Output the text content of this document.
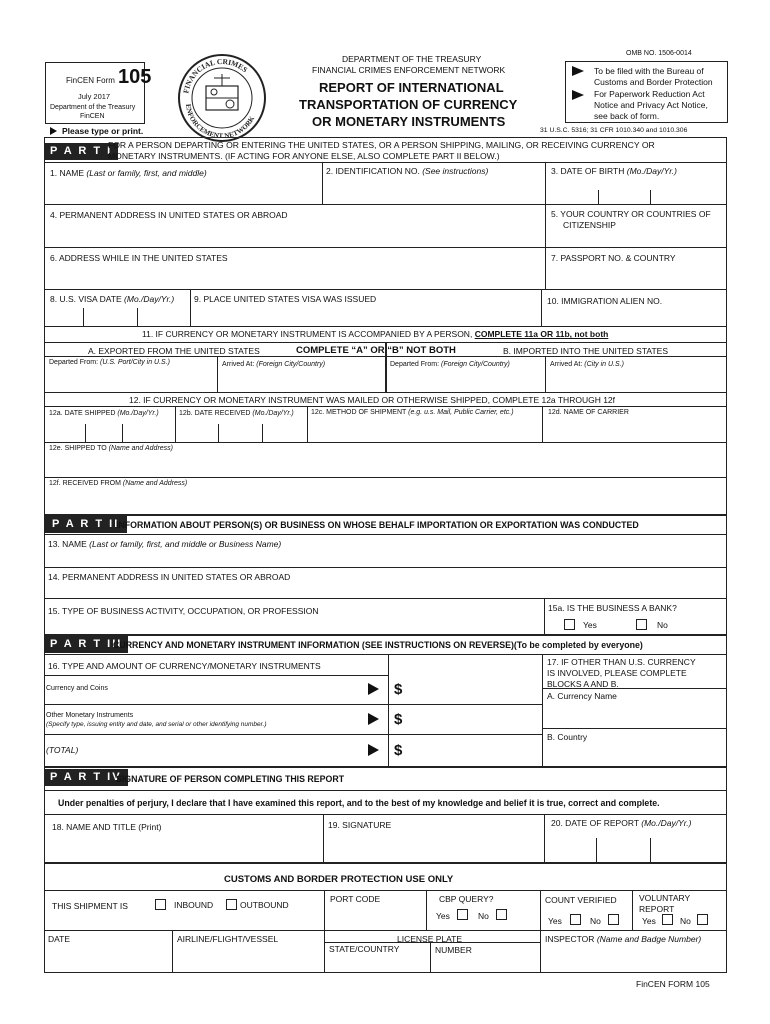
FinCEN Form 105
July 2017
Department of the Treasury
FinCEN
Please type or print.
FINANCIAL CRIMES
ENFORCEMENT NETWORK
DEPARTMENT OF THE TREASURY
FINANCIAL CRIMES ENFORCEMENT NETWORK
REPORT OF INTERNATIONAL
TRANSPORTATION OF CURRENCY
OR MONETARY INSTRUMENTS
OMB NO. 1506-0014
To be filed with the Bureau of
Customs and Border Protection
For Paperwork Reduction Act
Notice and Privacy Act Notice,
see back of form.
31 U.S.C. 5316; 31 CFR 1010.340 and 1010.306
P A R T I
FOR A PERSON DEPARTING OR ENTERING THE UNITED STATES, OR A PERSON SHIPPING, MAILING, OR RECEIVING CURRENCY OR
MONETARY INSTRUMENTS. (IF ACTING FOR ANYONE ELSE, ALSO COMPLETE PART II BELOW.)
1. NAME (Last or family, first, and middle)	2. IDENTIFICATION NO. (See instructions)	3. DATE OF BIRTH (Mo./Day/Yr.)
4. PERMANENT ADDRESS IN UNITED STATES OR ABROAD	5. YOUR COUNTRY OR COUNTRIES OF
CITIZENSHIP
6. ADDRESS WHILE IN THE UNITED STATES	7. PASSPORT NO. & COUNTRY
8. U.S. VISA DATE (Mo./Day/Yr.) 9. PLACE UNITED STATES VISA WAS ISSUED	10. IMMIGRATION ALIEN NO.
11. IF CURRENCY OR MONETARY INSTRUMENT IS ACCOMPANIED BY A PERSON, COMPLETE 11a OR 11b, not both
A. EXPORTED FROM THE UNITED STATES	COMPLETE “A” OR “B” NOT BOTH	B. IMPORTED INTO THE UNITED STATES
Departed From: (U.S. Port/City in U.S.)	Arrived At: (Foreign City/Country)	Departed From: (Foreign City/Country)	Arrived At: (City in U.S.)
12. IF CURRENCY OR MONETARY INSTRUMENT WAS MAILED OR OTHERWISE SHIPPED, COMPLETE 12a THROUGH 12f
12a. DATE SHIPPED (Mo./Day/Yr.)	12b. DATE RECEIVED (Mo./Day/Yr.) 12c. METHOD OF SHIPMENT (e.g. u.s. Mail, Public Carrier, etc.)	12d. NAME OF CARRIER
12e. SHIPPED TO (Name and Address)
12f. RECEIVED FROM (Name and Address)
P A R T II
INFORMATION ABOUT PERSON(S) OR BUSINESS ON WHOSE BEHALF IMPORTATION OR EXPORTATION WAS CONDUCTED
13. NAME (Last or family, first, and middle or Business Name)
14. PERMANENT ADDRESS IN UNITED STATES OR ABROAD
15. TYPE OF BUSINESS ACTIVITY, OCCUPATION, OR PROFESSION	15a. IS THE BUSINESS A BANK?
Yes	No
P A R T III
CURRENCY AND MONETARY INSTRUMENT INFORMATION (SEE INSTRUCTIONS ON REVERSE)(To be completed by everyone)
16. TYPE AND AMOUNT OF CURRENCY/MONETARY INSTRUMENTS
Currency and Coins	$
Other Monetary Instruments
(Specify type, issuing entity and date, and serial or other identifying number.)	$
(TOTAL)	$
17. IF OTHER THAN U.S. CURRENCY
IS INVOLVED, PLEASE COMPLETE
BLOCKS A AND B.
A. Currency Name
B. Country
P A R T IV
SIGNATURE OF PERSON COMPLETING THIS REPORT
Under penalties of perjury, I declare that I have examined this report, and to the best of my knowledge and belief it is true, correct and complete.
18. NAME AND TITLE (Print)	19. SIGNATURE	20. DATE OF REPORT (Mo./Day/Yr.)
CUSTOMS AND BORDER PROTECTION USE ONLY
THIS SHIPMENT IS	INBOUND	OUTBOUND
PORT CODE	CBP QUERY?
Yes	No
COUNT VERIFIED
Yes	No
VOLUNTARY
REPORT
Yes	No
DATE	AIRLINE/FLIGHT/VESSEL	LICENSE PLATE
STATE/COUNTRY	NUMBER
INSPECTOR (Name and Badge Number)
FinCEN FORM 105
